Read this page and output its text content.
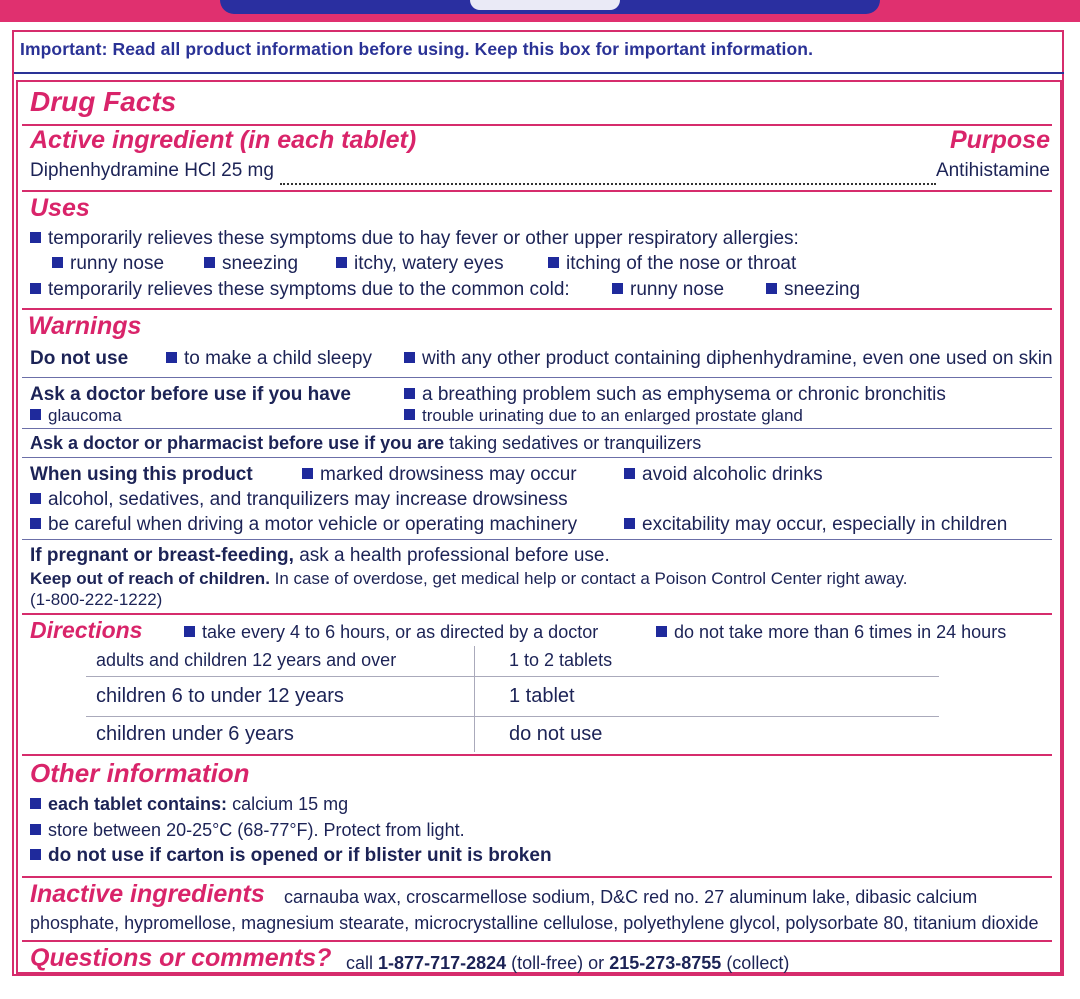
Important: Read all product information before using. Keep this box for important information.
Drug Facts
Active ingredient (in each tablet)	Purpose
Diphenhydramine HCl 25 mg	Antihistamine
Uses
temporarily relieves these symptoms due to hay fever or other upper respiratory allergies:
runny nose	sneezing	itchy, watery eyes	itching of the nose or throat
temporarily relieves these symptoms due to the common cold:	runny nose	sneezing
Warnings
Do not use	to make a child sleepy	with any other product containing diphenhydramine, even one used on skin
Ask a doctor before use if you have	a breathing problem such as emphysema or chronic bronchitis
glaucoma	trouble urinating due to an enlarged prostate gland
Ask a doctor or pharmacist before use if you are taking sedatives or tranquilizers
When using this product	marked drowsiness may occur	avoid alcoholic drinks
alcohol, sedatives, and tranquilizers may increase drowsiness
be careful when driving a motor vehicle or operating machinery	excitability may occur, especially in children
If pregnant or breast-feeding, ask a health professional before use.
Keep out of reach of children. In case of overdose, get medical help or contact a Poison Control Center right away.
(1-800-222-1222)
Directions	take every 4 to 6 hours, or as directed by a doctor	do not take more than 6 times in 24 hours
adults and children 12 years and over	1 to 2 tablets
children 6 to under 12 years	1 tablet
children under 6 years	do not use
Other information
each tablet contains: calcium 15 mg
store between 20-25°C (68-77°F). Protect from light.
do not use if carton is opened or if blister unit is broken
Inactive ingredients carnauba wax, croscarmellose sodium, D&C red no. 27 aluminum lake, dibasic calcium
phosphate, hypromellose, magnesium stearate, microcrystalline cellulose, polyethylene glycol, polysorbate 80, titanium dioxide
Questions or comments? call 1-877-717-2824 (toll-free) or 215-273-8755 (collect)
